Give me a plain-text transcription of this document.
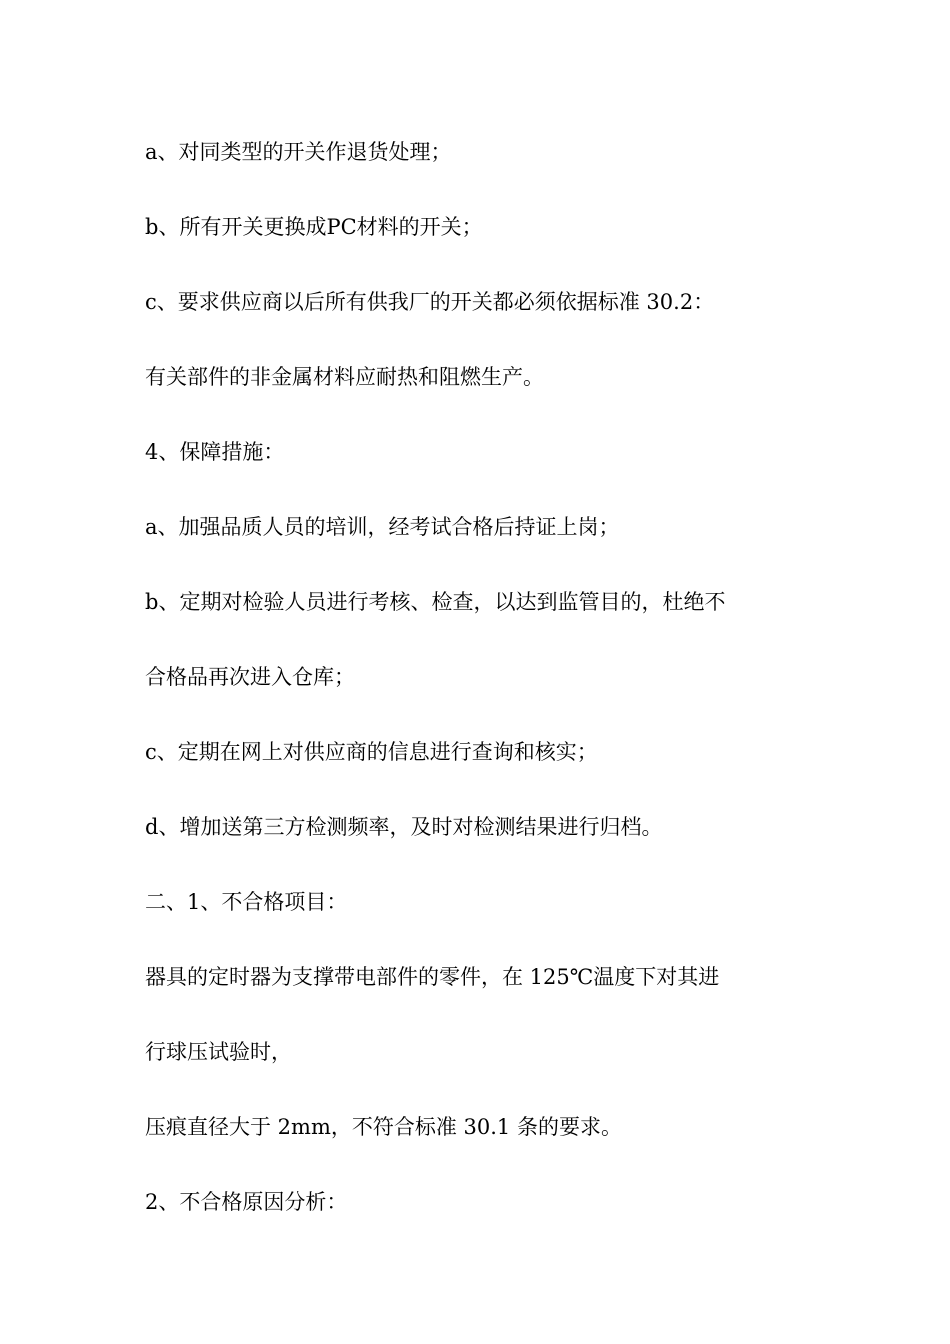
a、对同类型的开关作退货处理；
b、所有开关更换成PC材料的开关；
c、要求供应商以后所有供我厂的开关都必须依据标准 30.2：
有关部件的非金属材料应耐热和阻燃生产。
4、保障措施：
a、加强品质人员的培训，经考试合格后持证上岗；
b、定期对检验人员进行考核、检查，以达到监管目的，杜绝不
合格品再次进入仓库；
c、定期在网上对供应商的信息进行查询和核实；
d、增加送第三方检测频率，及时对检测结果进行归档。
二、1、不合格项目：
器具的定时器为支撑带电部件的零件，在 125℃温度下对其进
行球压试验时，
压痕直径大于 2mm，不符合标准 30.1 条的要求。
2、不合格原因分析：
